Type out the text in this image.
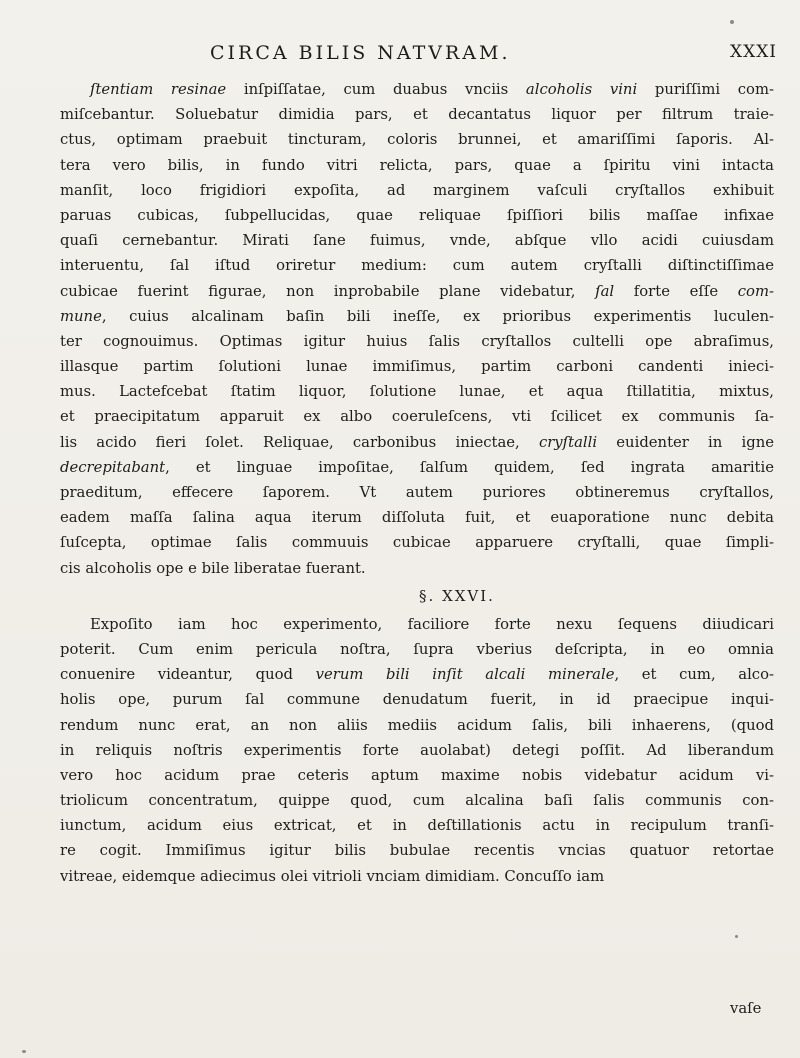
CIRCA BILIS NATVRAM.	XXXI
ſtentiam resinae inſpiſſatae, cum duabus vnciis alcoholis vini puriſſimi com-
miſcebantur. Soluebatur dimidia pars, et decantatus liquor per filtrum traie-
ctus, optimam praebuit tincturam, coloris brunnei, et amariſſimi ſaporis. Al-
tera vero bilis, in fundo vitri relicta, pars, quae a ſpiritu vini intacta
manſit, loco frigidiori expoſita, ad marginem vaſculi cryſtallos exhibuit
paruas cubicas, ſubpellucidas, quae reliquae ſpiſſiori bilis maſſae infixae
quaſi cernebantur. Mirati ſane fuimus, vnde, abſque vllo acidi cuiusdam
interuentu, ſal iſtud oriretur medium: cum autem cryſtalli diſtinctiſſimae
cubicae fuerint figurae, non inprobabile plane videbatur, ſal forte eſſe com-
mune, cuius alcalinam baſin bili ineſſe, ex prioribus experimentis luculen-
ter cognouimus. Optimas igitur huius ſalis cryſtallos cultelli ope abraſimus,
illasque partim ſolutioni lunae immiſimus, partim carboni candenti inieci-
mus. Lactefcebat ſtatim liquor, ſolutione lunae, et aqua ſtillatitia, mixtus,
et praecipitatum apparuit ex albo coeruleſcens, vti ſcilicet ex communis ſa-
lis acido fieri ſolet. Reliquae, carbonibus iniectae, cryſtalli euidenter in igne
decrepitabant, et linguae impoſitae, ſalſum quidem, ſed ingrata amaritie
praeditum, effecere ſaporem. Vt autem puriores obtineremus cryſtallos,
eadem maſſa ſalina aqua iterum diſſoluta fuit, et euaporatione nunc debita
ſuſcepta, optimae ſalis commuuis cubicae apparuere cryſtalli, quae ſimpli-
cis alcoholis ope e bile liberatae fuerant.
§. XXVI.
Expoſito iam hoc experimento, faciliore forte nexu ſequens diiudicari
poterit. Cum enim pericula noſtra, ſupra vberius deſcripta, in eo omnia
conuenire videantur, quod verum bili inſit alcali minerale, et cum, alco-
holis ope, purum ſal commune denudatum fuerit, in id praecipue inqui-
rendum nunc erat, an non aliis mediis acidum ſalis, bili inhaerens, (quod
in reliquis noſtris experimentis forte auolabat) detegi poſſit. Ad liberandum
vero hoc acidum prae ceteris aptum maxime nobis videbatur acidum vi-
triolicum concentratum, quippe quod, cum alcalina baſi ſalis communis con-
iunctum, acidum eius extricat, et in deſtillationis actu in recipulum tranſi-
re cogit. Immiſimus igitur bilis bubulae recentis vncias quatuor retortae
vitreae, eidemque adiecimus olei vitrioli vnciam dimidiam. Concuſſo iam
vaſe
